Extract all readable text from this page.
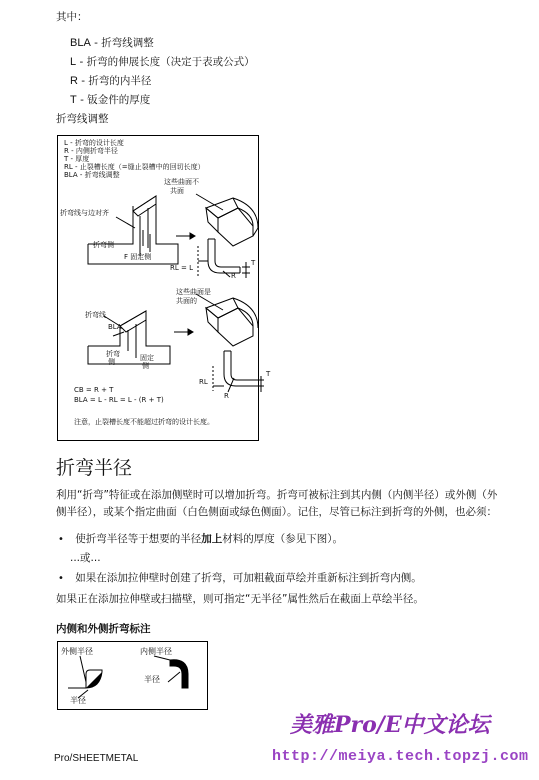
其中：
BLA - 折弯线调整
L - 折弯的伸展长度（决定于表或公式）
R - 折弯的内半径
T - 钣金件的厚度
折弯线调整
L - 折弯的设计长度
R - 内侧折弯半径
T - 厚度
RL - 止裂槽长度（=缝止裂槽中的回切长度）
BLA - 折弯线调整
这些曲面不
共面
折弯线与边对齐
折弯侧
F 固定侧
RL = L
R
T
这些曲面是
共面的
折弯线
BLA
折弯
侧	固定
侧
RL
R
T
CB = R + T
BLA = L - RL = L - (R + T)
注意，止裂槽长度不能超过折弯的设计长度。
折弯半径
利用“折弯”特征或在添加侧壁时可以增加折弯。折弯可被标注到其内侧（内侧半径）或外侧（外
侧半径），或某个指定曲面（白色侧面或绿色侧面）。记住，尽管已标注到折弯的外侧，也必须：
• 使折弯半径等于想要的半径加上材料的厚度（参见下图）。
...或...
• 如果在添加拉伸壁时创建了折弯，可加粗截面草绘并重新标注到折弯内侧。
如果正在添加拉伸壁或扫描壁，则可指定“无半径”属性然后在截面上草绘半径。
内侧和外侧折弯标注
外侧半径	内侧半径
半径
半径
美雅Pro/E中文论坛
http://meiya.tech.topzj.com
Pro/SHEETMETAL
